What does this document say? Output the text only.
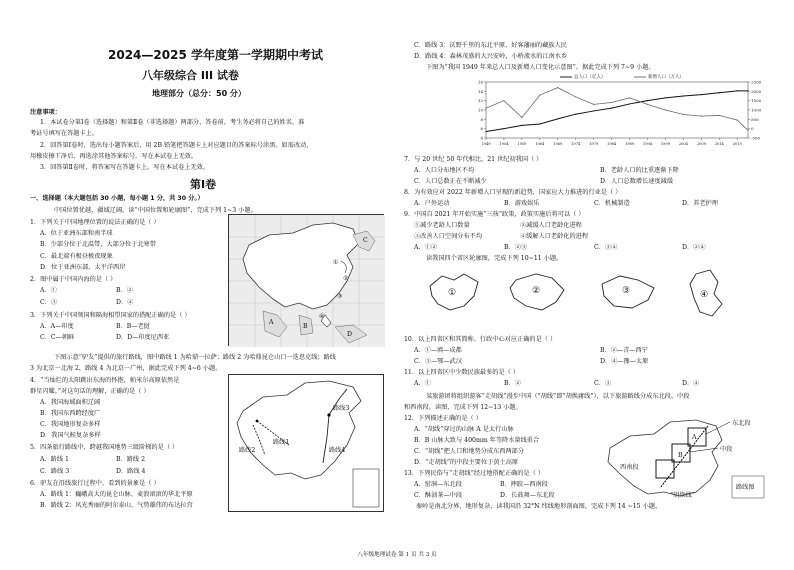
2024—2025 学年度第一学期期中考试
八年级综合 III 试卷
地理部分（总分：50 分）
注意事项：
1．本试卷分第Ⅰ卷（选择题）和第Ⅱ卷（非选择题）两部分，答卷前，考生务必将自己的姓名、准
考证号填写在答题卡上。
2．回答第Ⅰ卷时，选出每小题答案后，用 2B 铅笔把答题卡上对应题目的答案标号涂黑。如需改动，
用橡皮擦干净后，再选涂其他答案标号。写在本试卷上无效。
3．回答第Ⅱ卷时，将答案写在答题卡上。写在本试卷上无效。
第Ⅰ卷
一、选择题（本大题包括 30 小题，每小题 1 分，共 30 分。）
中国位置优越，疆域辽阔。读“中国位置和轮廓图”，完成下列 1~3 小题。
1．下列关于中国地理位置的说法正确的是（ ）
A．位于亚洲东部和南半球
B．少部分位于北温带，大部分位于北寒带
C．最北端有极昼极夜现象
D．位于亚洲东部，太平洋西岸
2．图中属于中国内海的是（ ）
A．①	B．②
C．③	D．④
3．下列关于中国领国和隔海相望国家的搭配正确的是（ ）
A．A—印度	B．B—老挝
C．C—朝鲜	D．D—印度尼西亚
下图示意“驴友”提供的旅行路线，图中路线 1 为哈鼎一拉萨；路线 2 为哈鼎昆仑山口一迭思克线；路线
3 为北京一北海 2，路线 4 为北京一广州，据此完成下列 4~6 小题。
4．“当灿烂的太阳跳出东海的怀抱，帕米尔高原依然是
群星闪耀。”对这句话的理解，正确的是（ ）
A．我国海域面积辽阔
B．我国东西跨经度广
C．我国地形复杂多样
D．我国气候复杂多样
5．四条旅行路线中，跨越我国地势三级阶梯的是（ ）
A．路线 1	B．路线 2
C．路线 3	D．路线 4
6．驴友在沿线旅行过程中，看到的景象是（ ）
A．路线 1：巍峨高大的昆仑山脉、麦浪滚滚的华北平原
B．路线 2：风光秀丽的阿尔泰山、气势雄伟的布达拉宫
①
②
③
④
A
B
C
D
路线1
路线2
路线3
路线4
C．路线 3：沃野千里的东北平原、好客藩丽的藏族人民
D．路线 4：森林茂盛的大兴安岭，小桥流水的江南水乡
下图为“我国 1949 年来总人口及新增人口变化示意图”。据此完成下列 7~9 小题。
总人口（亿人）	新增人口（万人）
16
14
12
10
8
6
4
2500
2000
1500
1000
500
0
-500
1949 1954 1959 1964 1969 1974 1979 1984 1989 1994 1999 2004 2009 2014 2019
7．与 20 世纪 50 年代相比，21 世纪初我国（ ）
A．人口分布地区不均	B．老龄人口的比重逐渐下降
C．人口总数正在不断减少	D．人口总数增长速度减缓
8．为有效应对 2022 年新增人口呈现的新趋势，国家应大力推进的行业是（ ）
A．户外运动	B．游戏娱乐	C．机械制造	D．养老护理
9．中国自 2021 年开始实施“三孩”政策，政策实施后将可以（ ）
①减少老龄人口数量	②减缓人口老龄化进程
③改善人口空间分布不均	④缓解人口老龄化的进程
A．①②	B．②③	C．③④	D．②④
读我国四个省区轮廓图，完成下列 10~11 小题。
①	②	③	④
10．以上四省区和其简称、行政中心对应正确的是（ ）
A．①—滇—成都	B．②—青—西宁
C．③—鄂—武汉	D．④—豫—太原
11．以上四省区中少数民族最多的是（ ）
A．①	B．②	C．③	D．④
某旅游团将组织游客“走胡线”漫步中国（“胡线”即“胡焕庸线”），以下旅游路线分成东北段、中段
和西南段。读图，完成下列 12~13 小题。
12．下列描述正确的是（ ）
A．“胡线”穿过的山脉 A 是太行山脉
B．B 山脉大致与 400mm 年等降水量线重合
C．“胡线”把人口和地势分成东西两部分
D．“走胡线”的中段主要位于黄土高原
13．下列民俗与“走胡线”经过地搭配正确的是（ ）
A．窑洞—东北段	B．摔跤—西南段
C．酥油茶—中段	D．长鼓舞—东北段
秦岭是南北分界，地形复杂，读我国沿 32°N 纬线地形剖面图，完成下列 14 ~15 小题。
东北段
中段
西南段
A
B
“胡焕线”
路线图
八年级地理试卷 第 1 页 共 3 页
